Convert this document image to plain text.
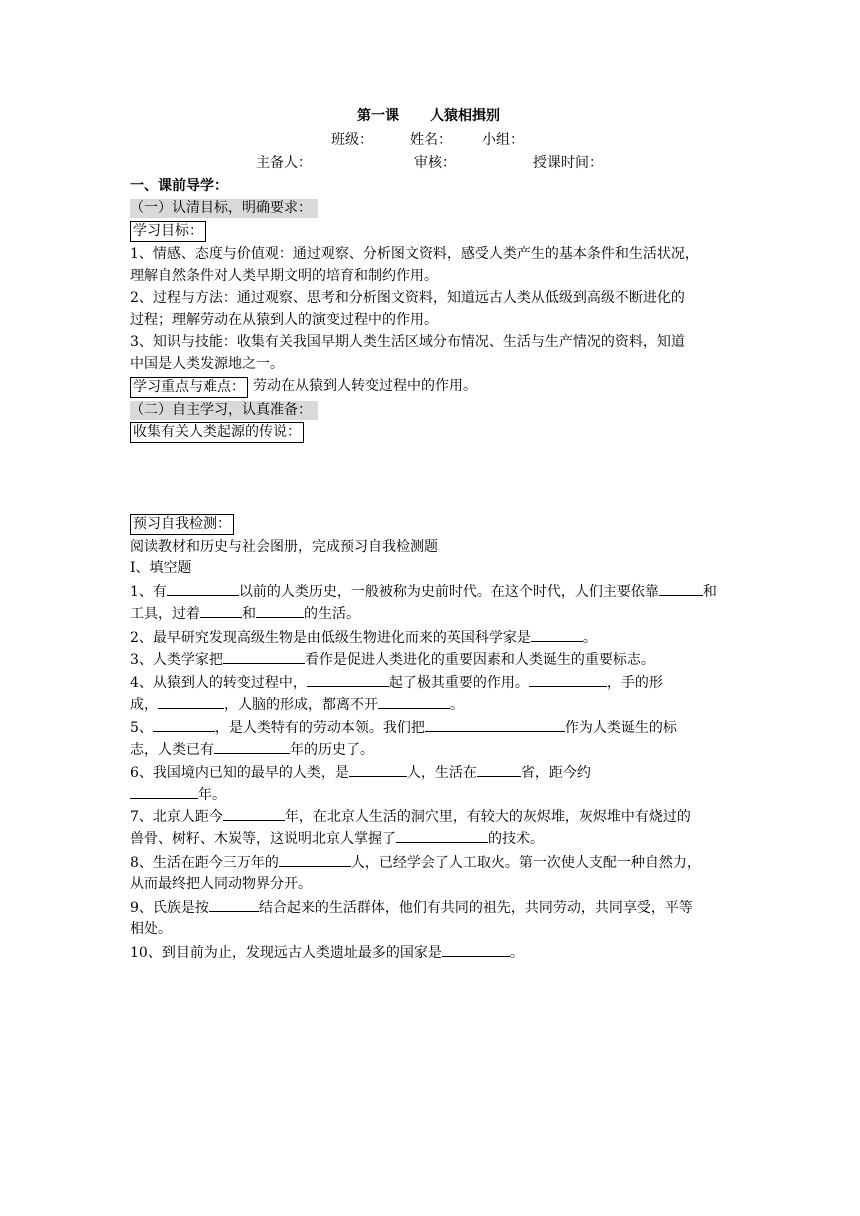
第一课 人猿相揖别
班级：	姓名： 小组：
主备人：	审核：	授课时间：
一、课前导学：
（一）认清目标，明确要求：
学习目标：
1、情感、态度与价值观：通过观察、分析图文资料，感受人类产生的基本条件和生活状况，
理解自然条件对人类早期文明的培育和制约作用。
2、过程与方法：通过观察、思考和分析图文资料，知道远古人类从低级到高级不断进化的
过程；理解劳动在从猿到人的演变过程中的作用。
3、知识与技能：收集有关我国早期人类生活区域分布情况、生活与生产情况的资料，知道
中国是人类发源地之一。
学习重点与难点： 劳动在从猿到人转变过程中的作用。
（二）自主学习，认真准备：
收集有关人类起源的传说：
预习自我检测：
阅读教材和历史与社会图册，完成预习自我检测题
Ⅰ、填空题
1、有	以前的人类历史，一般被称为史前时代。在这个时代，人们主要依靠	和
工具，过着	和	的生活。
2、最早研究发现高级生物是由低级生物进化而来的英国科学家是	。
3、人类学家把	看作是促进人类进化的重要因素和人类诞生的重要标志。
4、从猿到人的转变过程中，	起了极其重要的作用。	，手的形
成，	，人脑的形成，都离不开	。
5、	，是人类特有的劳动本领。我们把	作为人类诞生的标
志，人类已有	年的历史了。
6、我国境内已知的最早的人类，是	人，生活在	省，距今约
年。
7、北京人距今	年，在北京人生活的洞穴里，有较大的灰烬堆，灰烬堆中有烧过的
兽骨、树籽、木炭等，这说明北京人掌握了	的技术。
8、生活在距今三万年的	人，已经学会了人工取火。第一次使人支配一种自然力，
从而最终把人同动物界分开。
9、氏族是按	结合起来的生活群体，他们有共同的祖先，共同劳动，共同享受，平等
相处。
10、到目前为止，发现远古人类遗址最多的国家是	。
